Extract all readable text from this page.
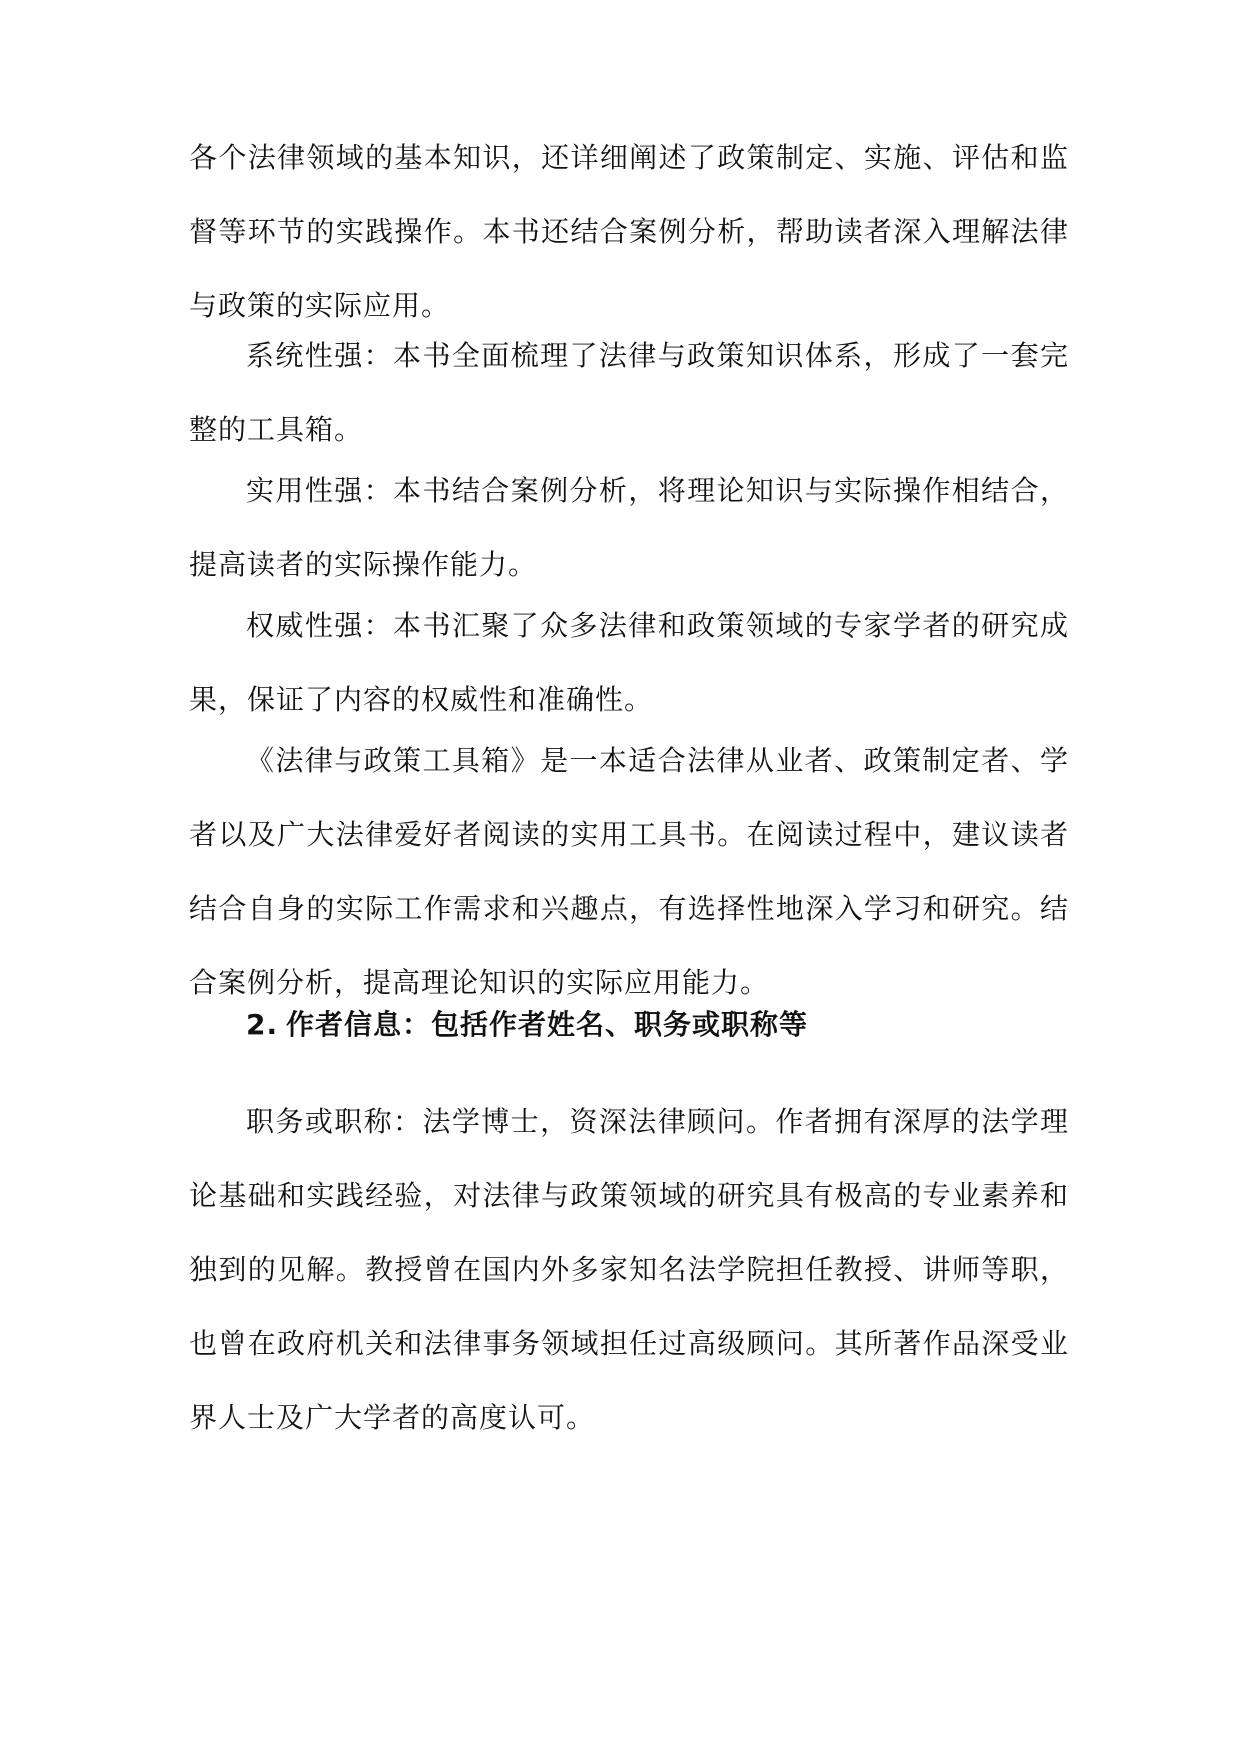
各个法律领域的基本知识，还详细阐述了政策制定、实施、评估和监督等环节的实践操作。本书还结合案例分析，帮助读者深入理解法律与政策的实际应用。

系统性强：本书全面梳理了法律与政策知识体系，形成了一套完整的工具箱。

实用性强：本书结合案例分析，将理论知识与实际操作相结合，提高读者的实际操作能力。

权威性强：本书汇聚了众多法律和政策领域的专家学者的研究成果，保证了内容的权威性和准确性。

《法律与政策工具箱》是一本适合法律从业者、政策制定者、学者以及广大法律爱好者阅读的实用工具书。在阅读过程中，建议读者结合自身的实际工作需求和兴趣点，有选择性地深入学习和研究。结合案例分析，提高理论知识的实际应用能力。

2. 作者信息：包括作者姓名、职务或职称等

职务或职称：法学博士，资深法律顾问。作者拥有深厚的法学理论基础和实践经验，对法律与政策领域的研究具有极高的专业素养和独到的见解。教授曾在国内外多家知名法学院担任教授、讲师等职，也曾在政府机关和法律事务领域担任过高级顾问。其所著作品深受业界人士及广大学者的高度认可。
